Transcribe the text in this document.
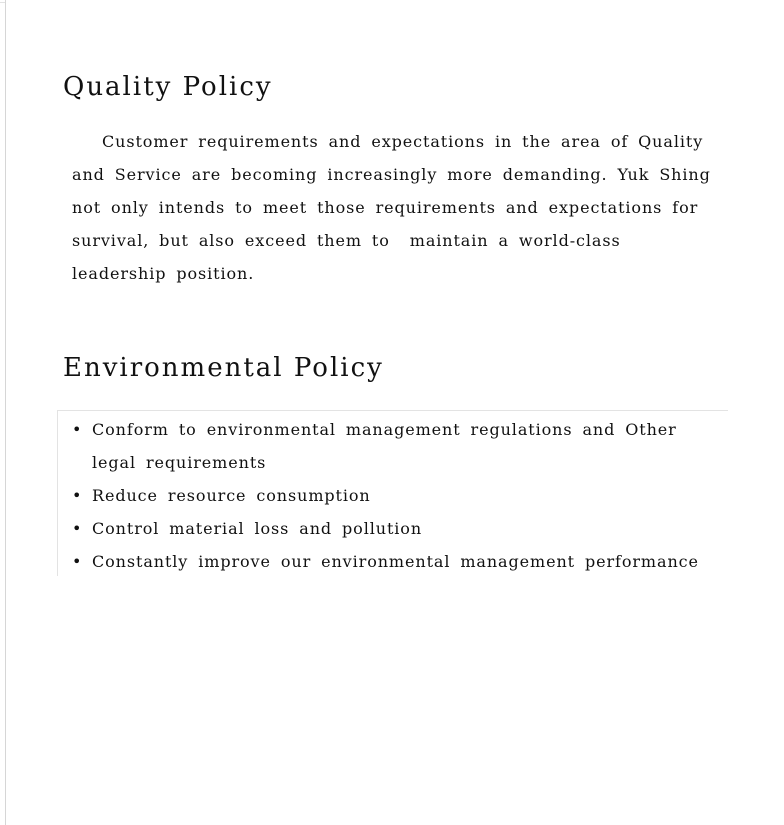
Quality Policy

Customer requirements and expectations in the area of Quality
and Service are becoming increasingly more demanding. Yuk Shing
not only intends to meet those requirements and expectations for
survival, but also exceed them to  maintain a world-class
leadership position.

Environmental Policy
• Conform to environmental management regulations and Other
legal requirements
• Reduce resource consumption
• Control material loss and pollution
• Constantly improve our environmental management performance
